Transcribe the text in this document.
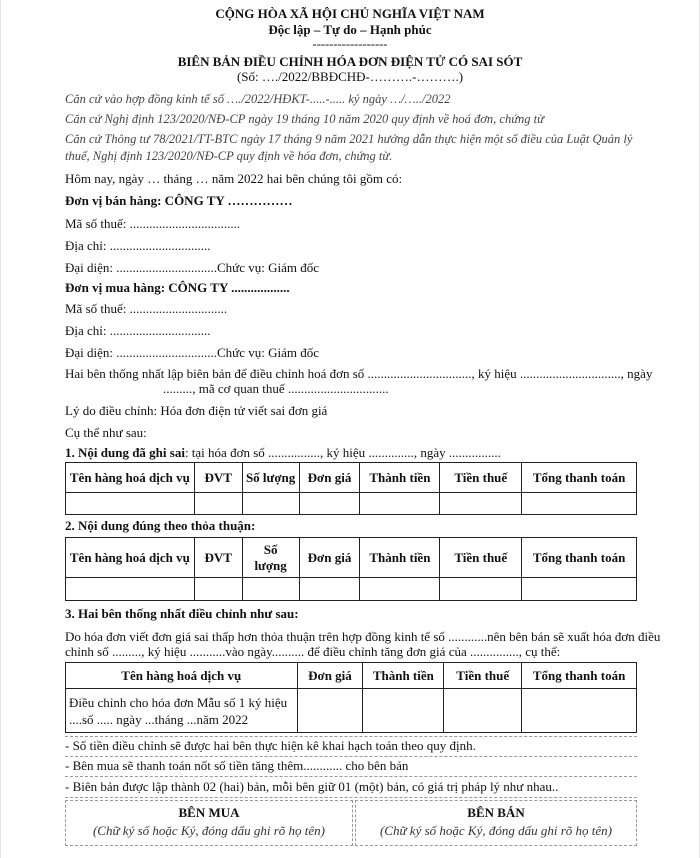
CỘNG HÒA XÃ HỘI CHỦ NGHĨA VIỆT NAM
Độc lập – Tự do – Hạnh phúc
------------------
BIÊN BẢN ĐIỀU CHỈNH HÓA ĐƠN ĐIỆN TỬ CÓ SAI SÓT
(Số: …./2022/BBĐCHĐ-……….-……….)
Căn cứ vào hợp đồng kinh tế số …./2022/HĐKT-.....-..... ký ngày …/…../2022
Căn cứ Nghị định 123/2020/NĐ-CP ngày 19 tháng 10 năm 2020 quy định về hoá đơn, chứng từ
Căn cứ Thông tư 78/2021/TT-BTC ngày 17 tháng 9 năm 2021 hướng dẫn thực hiện một số điều của Luật Quản lý
thuế, Nghị định 123/2020/NĐ-CP quy định về hóa đơn, chứng từ.
Hôm nay, ngày … tháng … năm 2022 hai bên chúng tôi gồm có:
Đơn vị bán hàng: CÔNG TY ……………
Mã số thuế: ..................................
Địa chỉ: ...............................
Đại diện: ...............................Chức vụ: Giám đốc
Đơn vị mua hàng: CÔNG TY ..................
Mã số thuế: ..............................
Địa chỉ: ...............................
Đại diện: ...............................Chức vụ: Giám đốc
Hai bên thống nhất lập biên bản để điều chỉnh hoá đơn số ................................, ký hiệu ..............................., ngày
........., mã cơ quan thuế ...............................
Lý do điều chỉnh: Hóa đơn điện tử viết sai đơn giá
Cụ thể như sau:
1. Nội dung đã ghi sai: tại hóa đơn số ................, ký hiệu .............., ngày ................
Tên hàng hoá dịch vụ	ĐVT	Số lượng	Đơn giá	Thành tiền	Tiền thuế	Tổng thanh toán

2. Nội dung đúng theo thỏa thuận:
Tên hàng hoá dịch vụ	ĐVT	Số
lượng	Đơn giá	Thành tiền	Tiền thuế	Tổng thanh toán

3. Hai bên thống nhất điều chỉnh như sau:
Do hóa đơn viết đơn giá sai thấp hơn thỏa thuận trên hợp đồng kinh tế số ............nên bên bán sẽ xuất hóa đơn điều
chỉnh số ........., ký hiệu ...........vào ngày.......... để điều chỉnh tăng đơn giá của ..............., cụ thể:
Tên hàng hoá dịch vụ	Đơn giá	Thành tiền	Tiền thuế	Tổng thanh toán
Điều chỉnh cho hóa đơn Mẫu số 1 ký hiệu
....số ..... ngày ...tháng ...năm 2022				
- Số tiền điều chỉnh sẽ được hai bên thực hiện kê khai hạch toán theo quy định.
- Bên mua sẽ thanh toán nốt số tiền tăng thêm............ cho bên bán
- Biên bản được lập thành 02 (hai) bản, mỗi bên giữ 01 (một) bản, có giá trị pháp lý như nhau..
BÊN MUA
(Chữ ký số hoặc Ký, đóng dấu ghi rõ họ tên)
BÊN BÁN
(Chữ ký số hoặc Ký, đóng dấu ghi rõ họ tên)
